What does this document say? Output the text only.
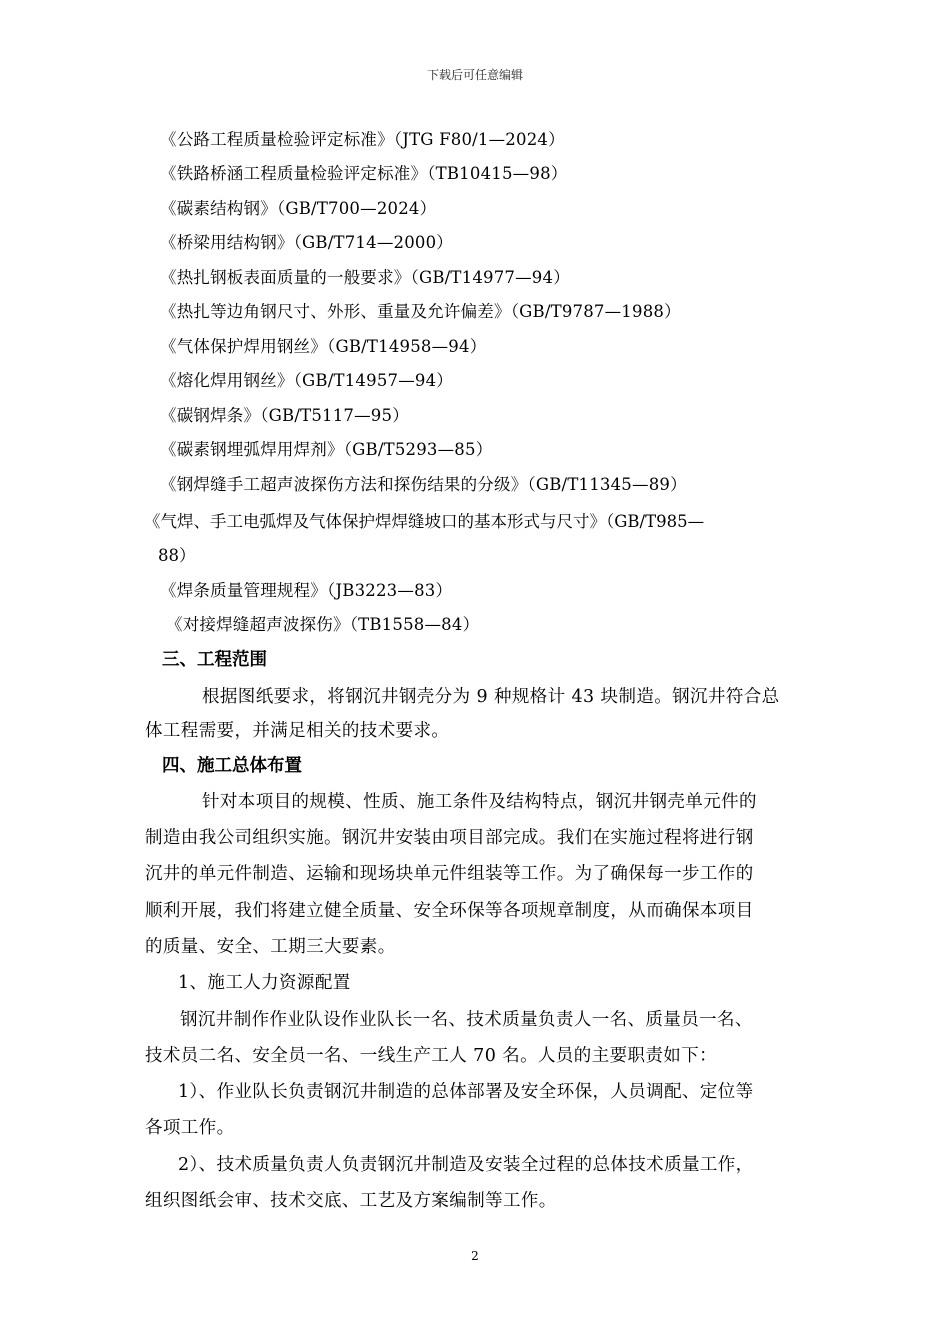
下载后可任意编辑
《公路工程质量检验评定标准》（JTG F80/1—2024）
《铁路桥涵工程质量检验评定标准》（TB10415—98）
《碳素结构钢》（GB/T700—2024）
《桥梁用结构钢》（GB/T714—2000）
《热扎钢板表面质量的一般要求》（GB/T14977—94）
《热扎等边角钢尺寸、外形、重量及允许偏差》（GB/T9787—1988）
《气体保护焊用钢丝》（GB/T14958—94）
《熔化焊用钢丝》（GB/T14957—94）
《碳钢焊条》（GB/T5117—95）
《碳素钢埋弧焊用焊剂》（GB/T5293—85）
《钢焊缝手工超声波探伤方法和探伤结果的分级》（GB/T11345—89）
《气焊、手工电弧焊及气体保护焊焊缝坡口的基本形式与尺寸》（GB/T985—
88）
《焊条质量管理规程》（JB3223—83）
《对接焊缝超声波探伤》（TB1558—84）
三、工程范围
根据图纸要求，将钢沉井钢壳分为 9 种规格计 43 块制造。钢沉井符合总
体工程需要，并满足相关的技术要求。
四、施工总体布置
针对本项目的规模、性质、施工条件及结构特点，钢沉井钢壳单元件的
制造由我公司组织实施。钢沉井安装由项目部完成。我们在实施过程将进行钢
沉井的单元件制造、运输和现场块单元件组装等工作。为了确保每一步工作的
顺利开展，我们将建立健全质量、安全环保等各项规章制度，从而确保本项目
的质量、安全、工期三大要素。
1、施工人力资源配置
钢沉井制作作业队设作业队长一名、技术质量负责人一名、质量员一名、
技术员二名、安全员一名、一线生产工人 70 名。人员的主要职责如下：
1）、作业队长负责钢沉井制造的总体部署及安全环保，人员调配、定位等
各项工作。
2）、技术质量负责人负责钢沉井制造及安装全过程的总体技术质量工作，
组织图纸会审、技术交底、工艺及方案编制等工作。
2
